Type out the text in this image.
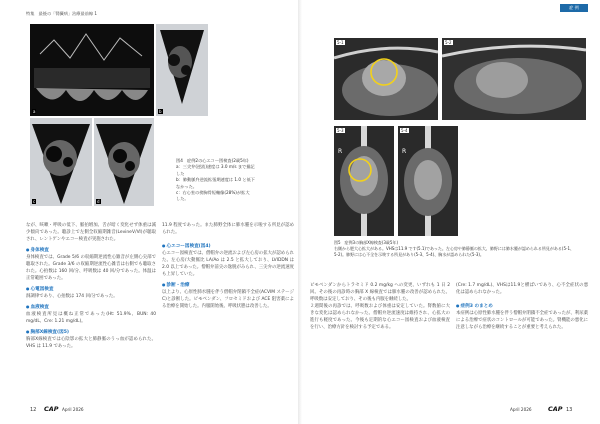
特集　最後の「腎臓病」治療最前線 1
a	b
c	d
図4　症例2の心エコー図検査(2歳5年)
a：三尖弁(逆流)速度は 3.0 m/s まで描記
した
b：肺動脈弁逆流拡張期速度は 1.0 と低下
なかった。
c：右心室の傍胸骨短軸像(28%)が拡大
した。
なが、咳嗽・呼吸の低下、脈拍増加、舌が暗く変化せず体重は減少傾向であった。聴診上で左側全収縮期雑音(LevineⅤ/Ⅵ)が聴取され、レントゲンやエコー検査が実施された。
● 身体検査
身体検査では、Grade 5/6 の収縮期逆流性心雑音が左側心尖部で聴取された。Grade 3/6 の収縮期逆流性心雑音は右側でも聴取された。心拍数は 160 回/分、呼吸数は 40 回/分であった。体温は正常範囲であった。
● 心電図検査
洞調律であり、心拍数は 174 回/分であった。
● 血液検査
血液検査所見は概ね正常であった(Ht: 51.9%、BUN: 40 mg/dL、Cre: 1.21 mg/dL)。
● 胸部X線検査(図5)
胸部X線検査では心陰影の拡大と肺静脈のうっ血が認められた。VHS は 11.9 であった。
11.9 程度であった。また肺野全体に肺水腫を示唆する所見が認められた。
● 心エコー図検査(図4)
心エコー図検査では、僧帽弁の逆流および左心房の拡大が認められた。左心房/大動脈比 LA/Ao は 2.5 と拡大しており、LVIDDN は 2.0 以上であった。僧帽弁前尖の逸脱がみられ、三尖弁の逆流速度も上昇していた。
● 診断・治療
以上より、心原性肺水腫を伴う僧帽弁閉鎖不全症(ACVIM ステージC)と診断した。ピモベンダン、フロセミドおよび ACE 阻害薬による治療を開始した。内服開始後、呼吸状態は改善した。
12 CAP April 2026
症 例
5-1	5-2
5-3
R
5-4
R
図5　症例3の胸部X線検査(3歳5年)
右側から肥大心拡大がある。VHSは11.9 です(5.1)であった。左心房や肺静脈の拡大、肺野には肺水腫が認められる所見がある(5-1、
5-2)。肺野には心不全を示唆する所見があり(5-3、5-4)、胸水が認められた(5-3)。
ピモベンダンからトラセミド 0.2 mg/kg への変更、いずれも 1 日 2 回。その後の再診時の胸部 X 線検査では肺水腫の改善が認められた。呼吸数は安定しており、その後も内服を継続した。
２週間後の再診では、呼吸数および体重は安定していた。腎数値に大きな変化は認められなかった。僧帽弁逆流速度は維持され、心拡大の進行も軽度であった。今後も定期的な心エコー図検査および血液検査を行い、治療方針を検討する予定である。
(Cre: 1.7 mg/dL)、VHSは11.9と横ばいであり、心不全症状の悪化は認められなかった。
● 症例3 のまとめ
本症例は心原性肺水腫を伴う僧帽弁閉鎖不全症であったが、利尿薬による治療で症状のコントロールが可能であった。腎機能の悪化に注意しながら治療を継続することが重要と考えられた。
April 2026	CAP 13
